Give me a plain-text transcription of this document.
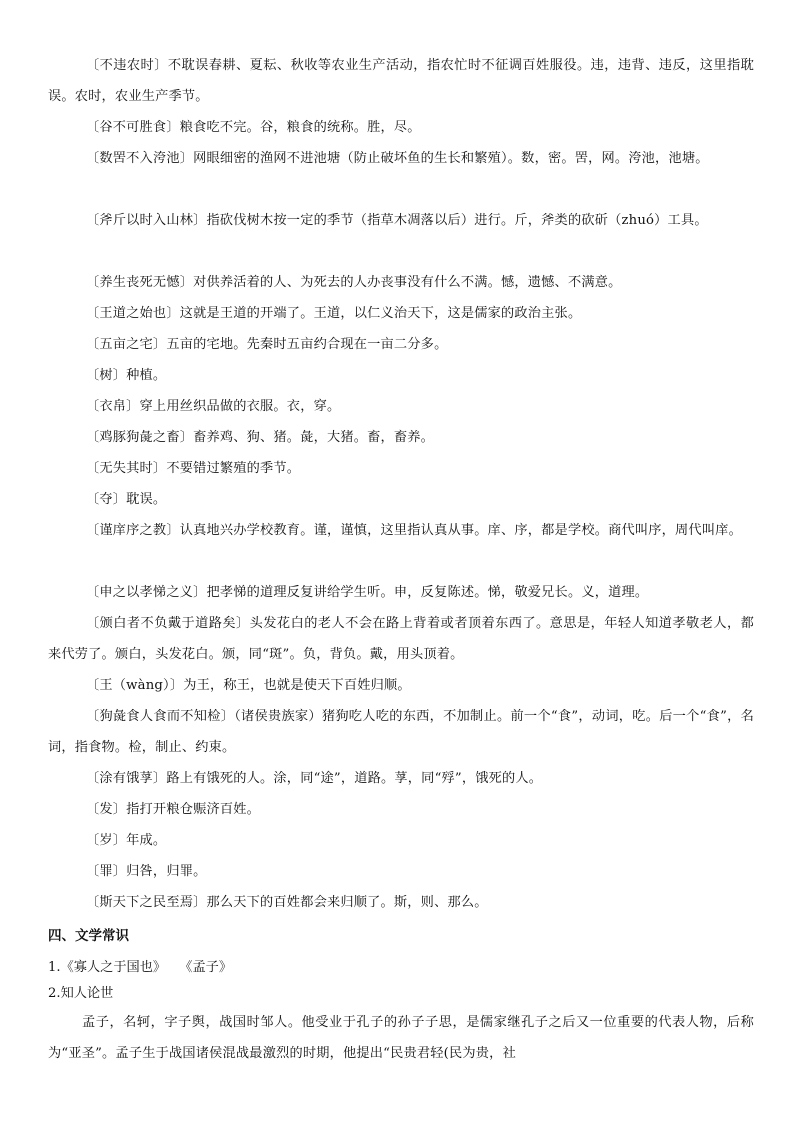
〔不违农时〕不耽误春耕、夏耘、秋收等农业生产活动，指农忙时不征调百姓服役。违，违背、违反，这里指耽误。农时，农业生产季节。

〔谷不可胜食〕粮食吃不完。谷，粮食的统称。胜，尽。

〔数罟不入洿池〕网眼细密的渔网不进池塘（防止破坏鱼的生长和繁殖）。数，密。罟，网。洿池，池塘。

〔斧斤以时入山林〕指砍伐树木按一定的季节（指草木凋落以后）进行。斤，斧类的砍斫（zhuó）工具。

〔养生丧死无憾〕对供养活着的人、为死去的人办丧事没有什么不满。憾，遗憾、不满意。

〔王道之始也〕这就是王道的开端了。王道，以仁义治天下，这是儒家的政治主张。

〔五亩之宅〕五亩的宅地。先秦时五亩约合现在一亩二分多。

〔树〕种植。

〔衣帛〕穿上用丝织品做的衣服。衣，穿。

〔鸡豚狗彘之畜〕畜养鸡、狗、猪。彘，大猪。畜，畜养。

〔无失其时〕不要错过繁殖的季节。

〔夺〕耽误。

〔谨庠序之教〕认真地兴办学校教育。谨，谨慎，这里指认真从事。庠、序，都是学校。商代叫序，周代叫庠。

〔申之以孝悌之义〕把孝悌的道理反复讲给学生听。申，反复陈述。悌，敬爱兄长。义，道理。

〔颁白者不负戴于道路矣〕头发花白的老人不会在路上背着或者顶着东西了。意思是，年轻人知道孝敬老人，都来代劳了。颁白，头发花白。颁，同“斑”。负，背负。戴，用头顶着。

〔王（wàng）〕为王，称王，也就是使天下百姓归顺。

〔狗彘食人食而不知检〕（诸侯贵族家）猪狗吃人吃的东西，不加制止。前一个“食”，动词，吃。后一个“食”，名词，指食物。检，制止、约束。

〔涂有饿莩〕路上有饿死的人。涂，同“途”，道路。莩，同“殍”，饿死的人。

〔发〕指打开粮仓赈济百姓。

〔岁〕年成。

〔罪〕归咎，归罪。

〔斯天下之民至焉〕那么天下的百姓都会来归顺了。斯，则、那么。

四、文学常识

1.《寡人之于国也》　　《孟子》

2.知人论世

孟子，名轲，字子舆，战国时邹人。他受业于孔子的孙子子思，是儒家继孔子之后又一位重要的代表人物，后称为“亚圣”。孟子生于战国诸侯混战最激烈的时期，他提出“民贵君轻(民为贵，社
